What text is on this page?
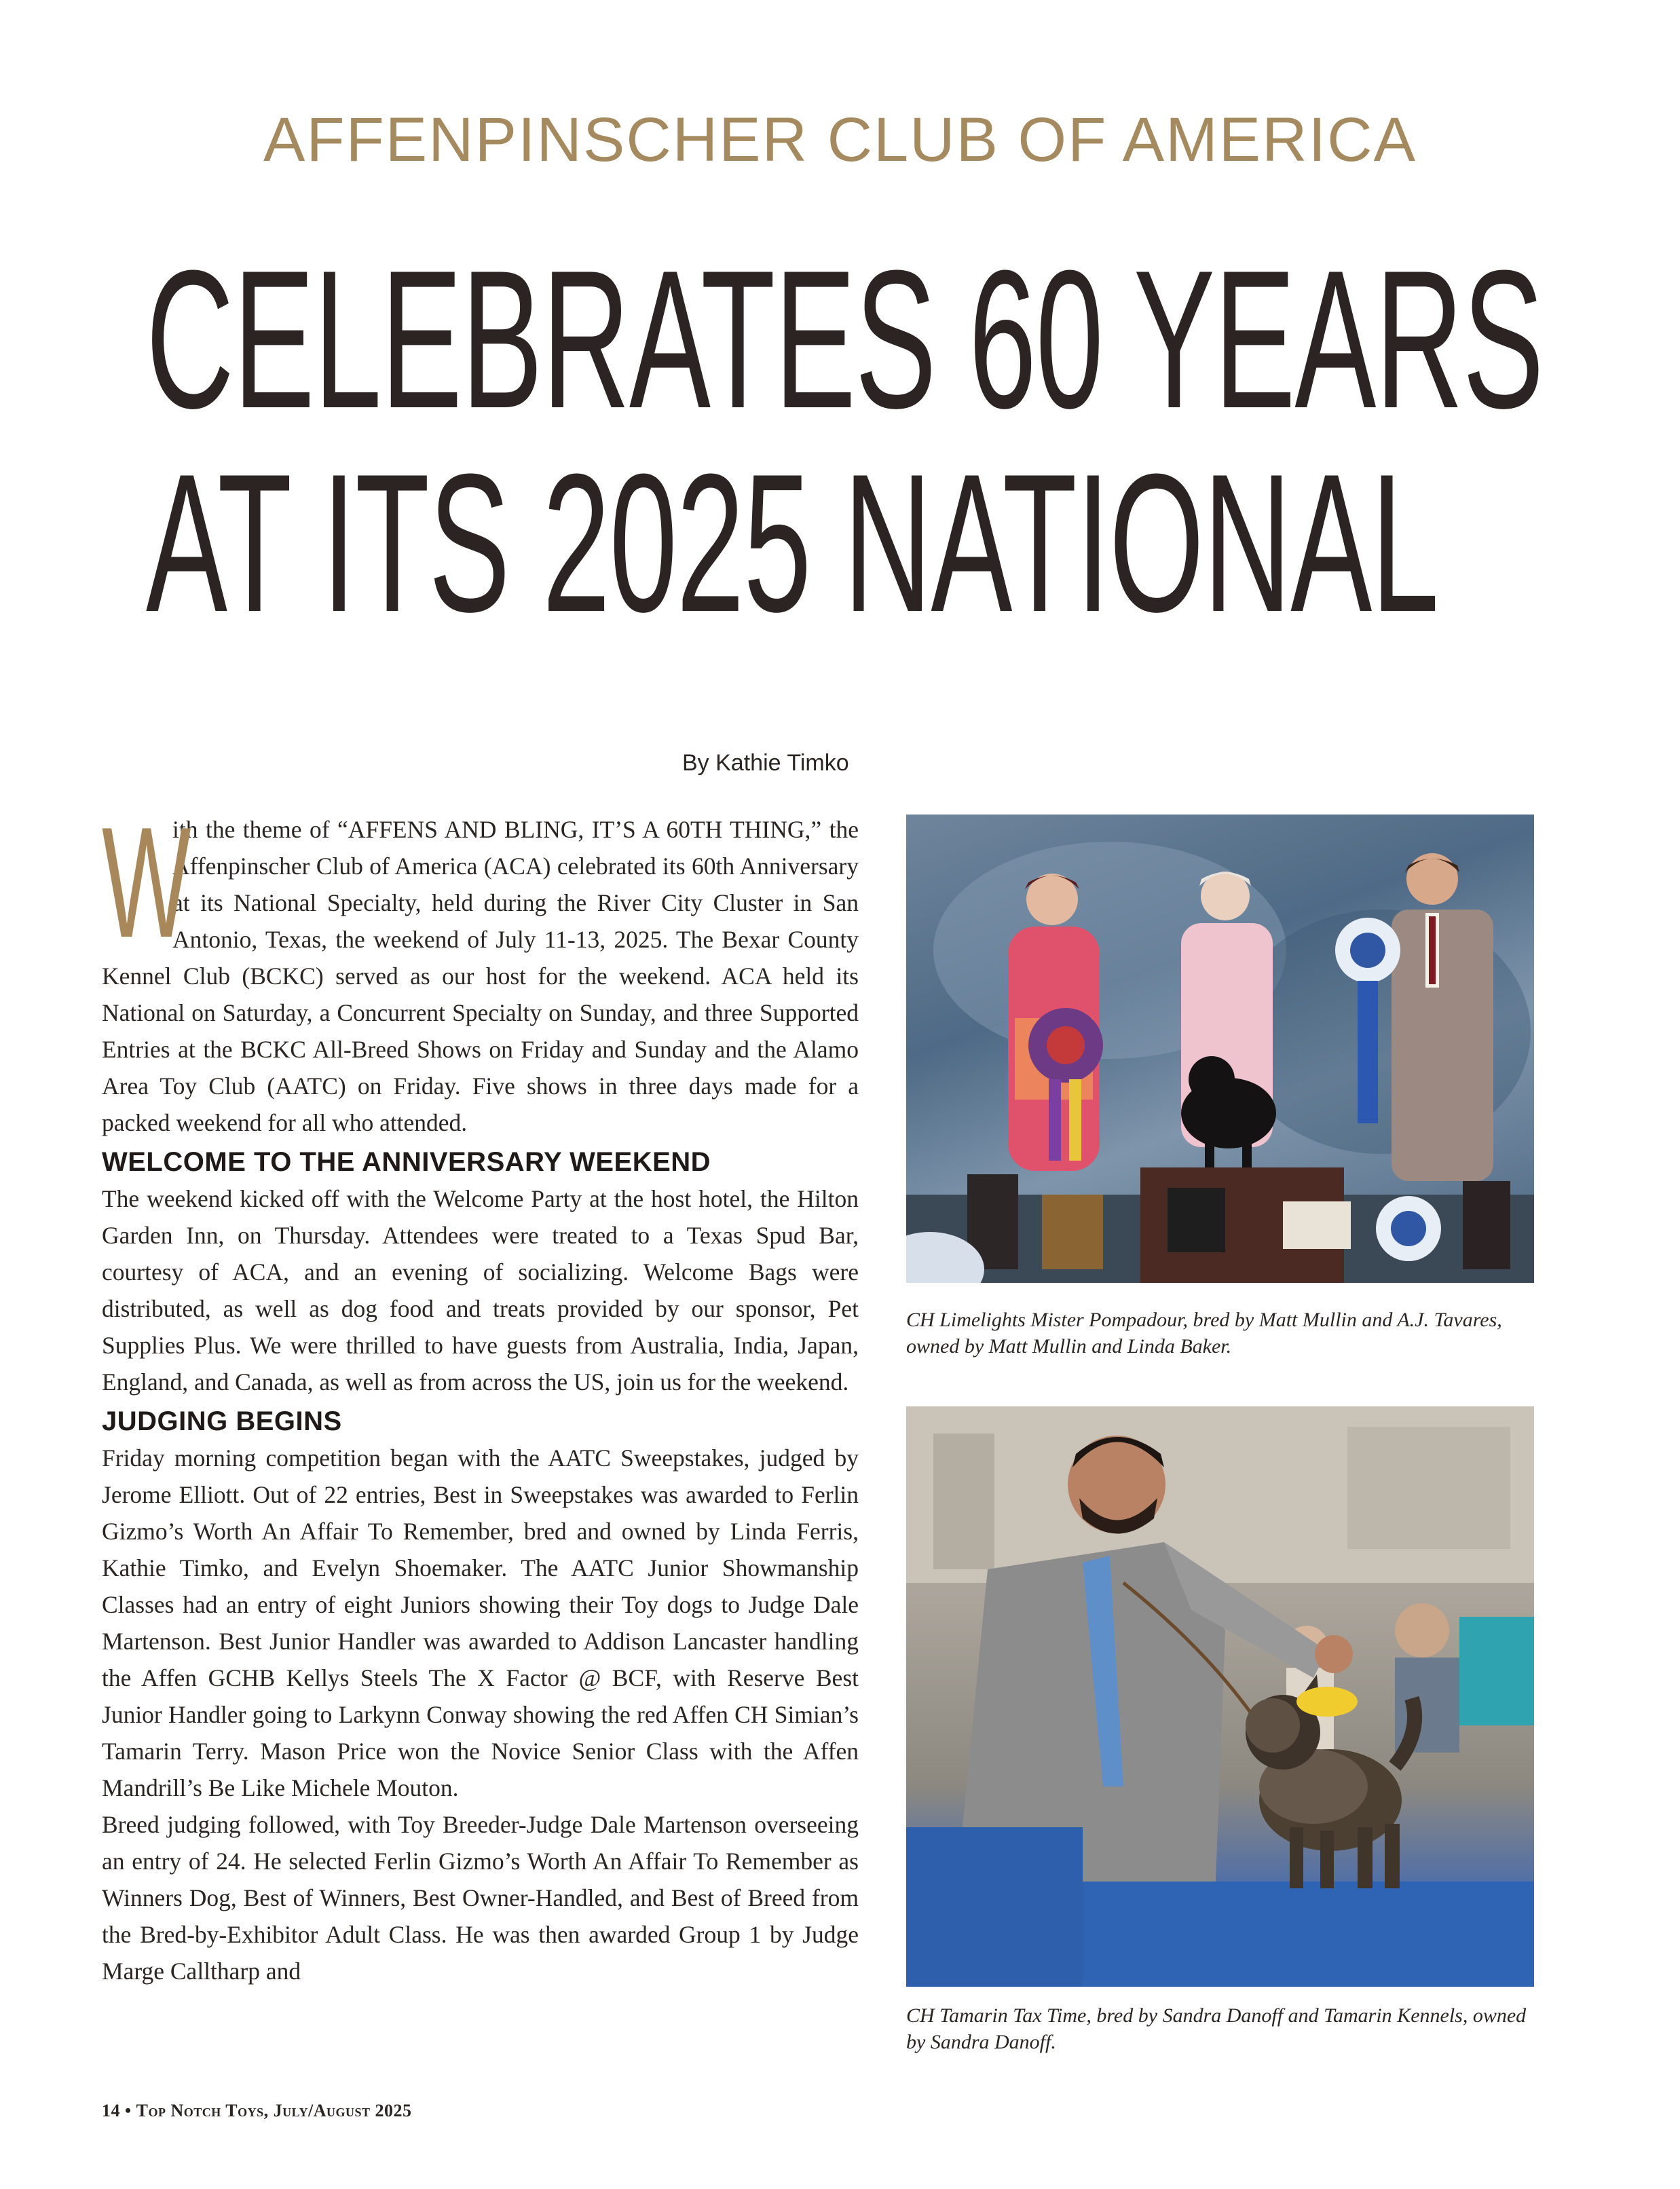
AFFENPINSCHER CLUB OF AMERICA
CELEBRATES 60 YEARS
AT ITS 2025 NATIONAL
By Kathie Timko

W
ith the theme of “AFFENS AND BLING, IT’S A 60TH THING,” the Affenpinscher Club of America (ACA) celebrated its 60th Anniversary at its National Specialty, held during the River City Cluster in San Antonio, Texas, the weekend of July 11-13, 2025. The Bexar County Kennel Club (BCKC) served as our host for the weekend. ACA held its National on Saturday, a Concurrent Specialty on Sunday, and three Supported Entries at the BCKC All-Breed Shows on Friday and Sunday and the Alamo Area Toy Club (AATC) on Friday. Five shows in three days made for a packed weekend for all who attended.

WELCOME TO THE ANNIVERSARY WEEKEND

The weekend kicked off with the Welcome Party at the host hotel, the Hilton Garden Inn, on Thursday. Attendees were treated to a Texas Spud Bar, courtesy of ACA, and an evening of socializing. Welcome Bags were distributed, as well as dog food and treats provided by our sponsor, Pet Supplies Plus. We were thrilled to have guests from Australia, India, Japan, England, and Canada, as well as from across the US, join us for the weekend.

JUDGING BEGINS

Friday morning competition began with the AATC Sweepstakes, judged by Jerome Elliott. Out of 22 entries, Best in Sweepstakes was awarded to Ferlin Gizmo’s Worth An Affair To Remember, bred and owned by Linda Ferris, Kathie Timko, and Evelyn Shoemaker. The AATC Junior Showmanship Classes had an entry of eight Juniors showing their Toy dogs to Judge Dale Martenson. Best Junior Handler was awarded to Addison Lancaster handling the Affen GCHB Kellys Steels The X Factor @ BCF, with Reserve Best Junior Handler going to Larkynn Conway showing the red Affen CH Simian’s Tamarin Terry. Mason Price won the Novice Senior Class with the Affen Mandrill’s Be Like Michele Mouton.

Breed judging followed, with Toy Breeder-Judge Dale Martenson overseeing an entry of 24. He selected Ferlin Gizmo’s Worth An Affair To Remember as Winners Dog, Best of Winners, Best Owner-Handled, and Best of Breed from the Bred-by-Exhibitor Adult Class. He was then awarded Group 1 by Judge Marge Calltharp and

CH Limelights Mister Pompadour, bred by Matt Mullin and A.J. Tavares, owned by Matt Mullin and Linda Baker.
CH Tamarin Tax Time, bred by Sandra Danoff and Tamarin Kennels, owned by Sandra Danoff.
14 • Top Notch Toys, July/August 2025
